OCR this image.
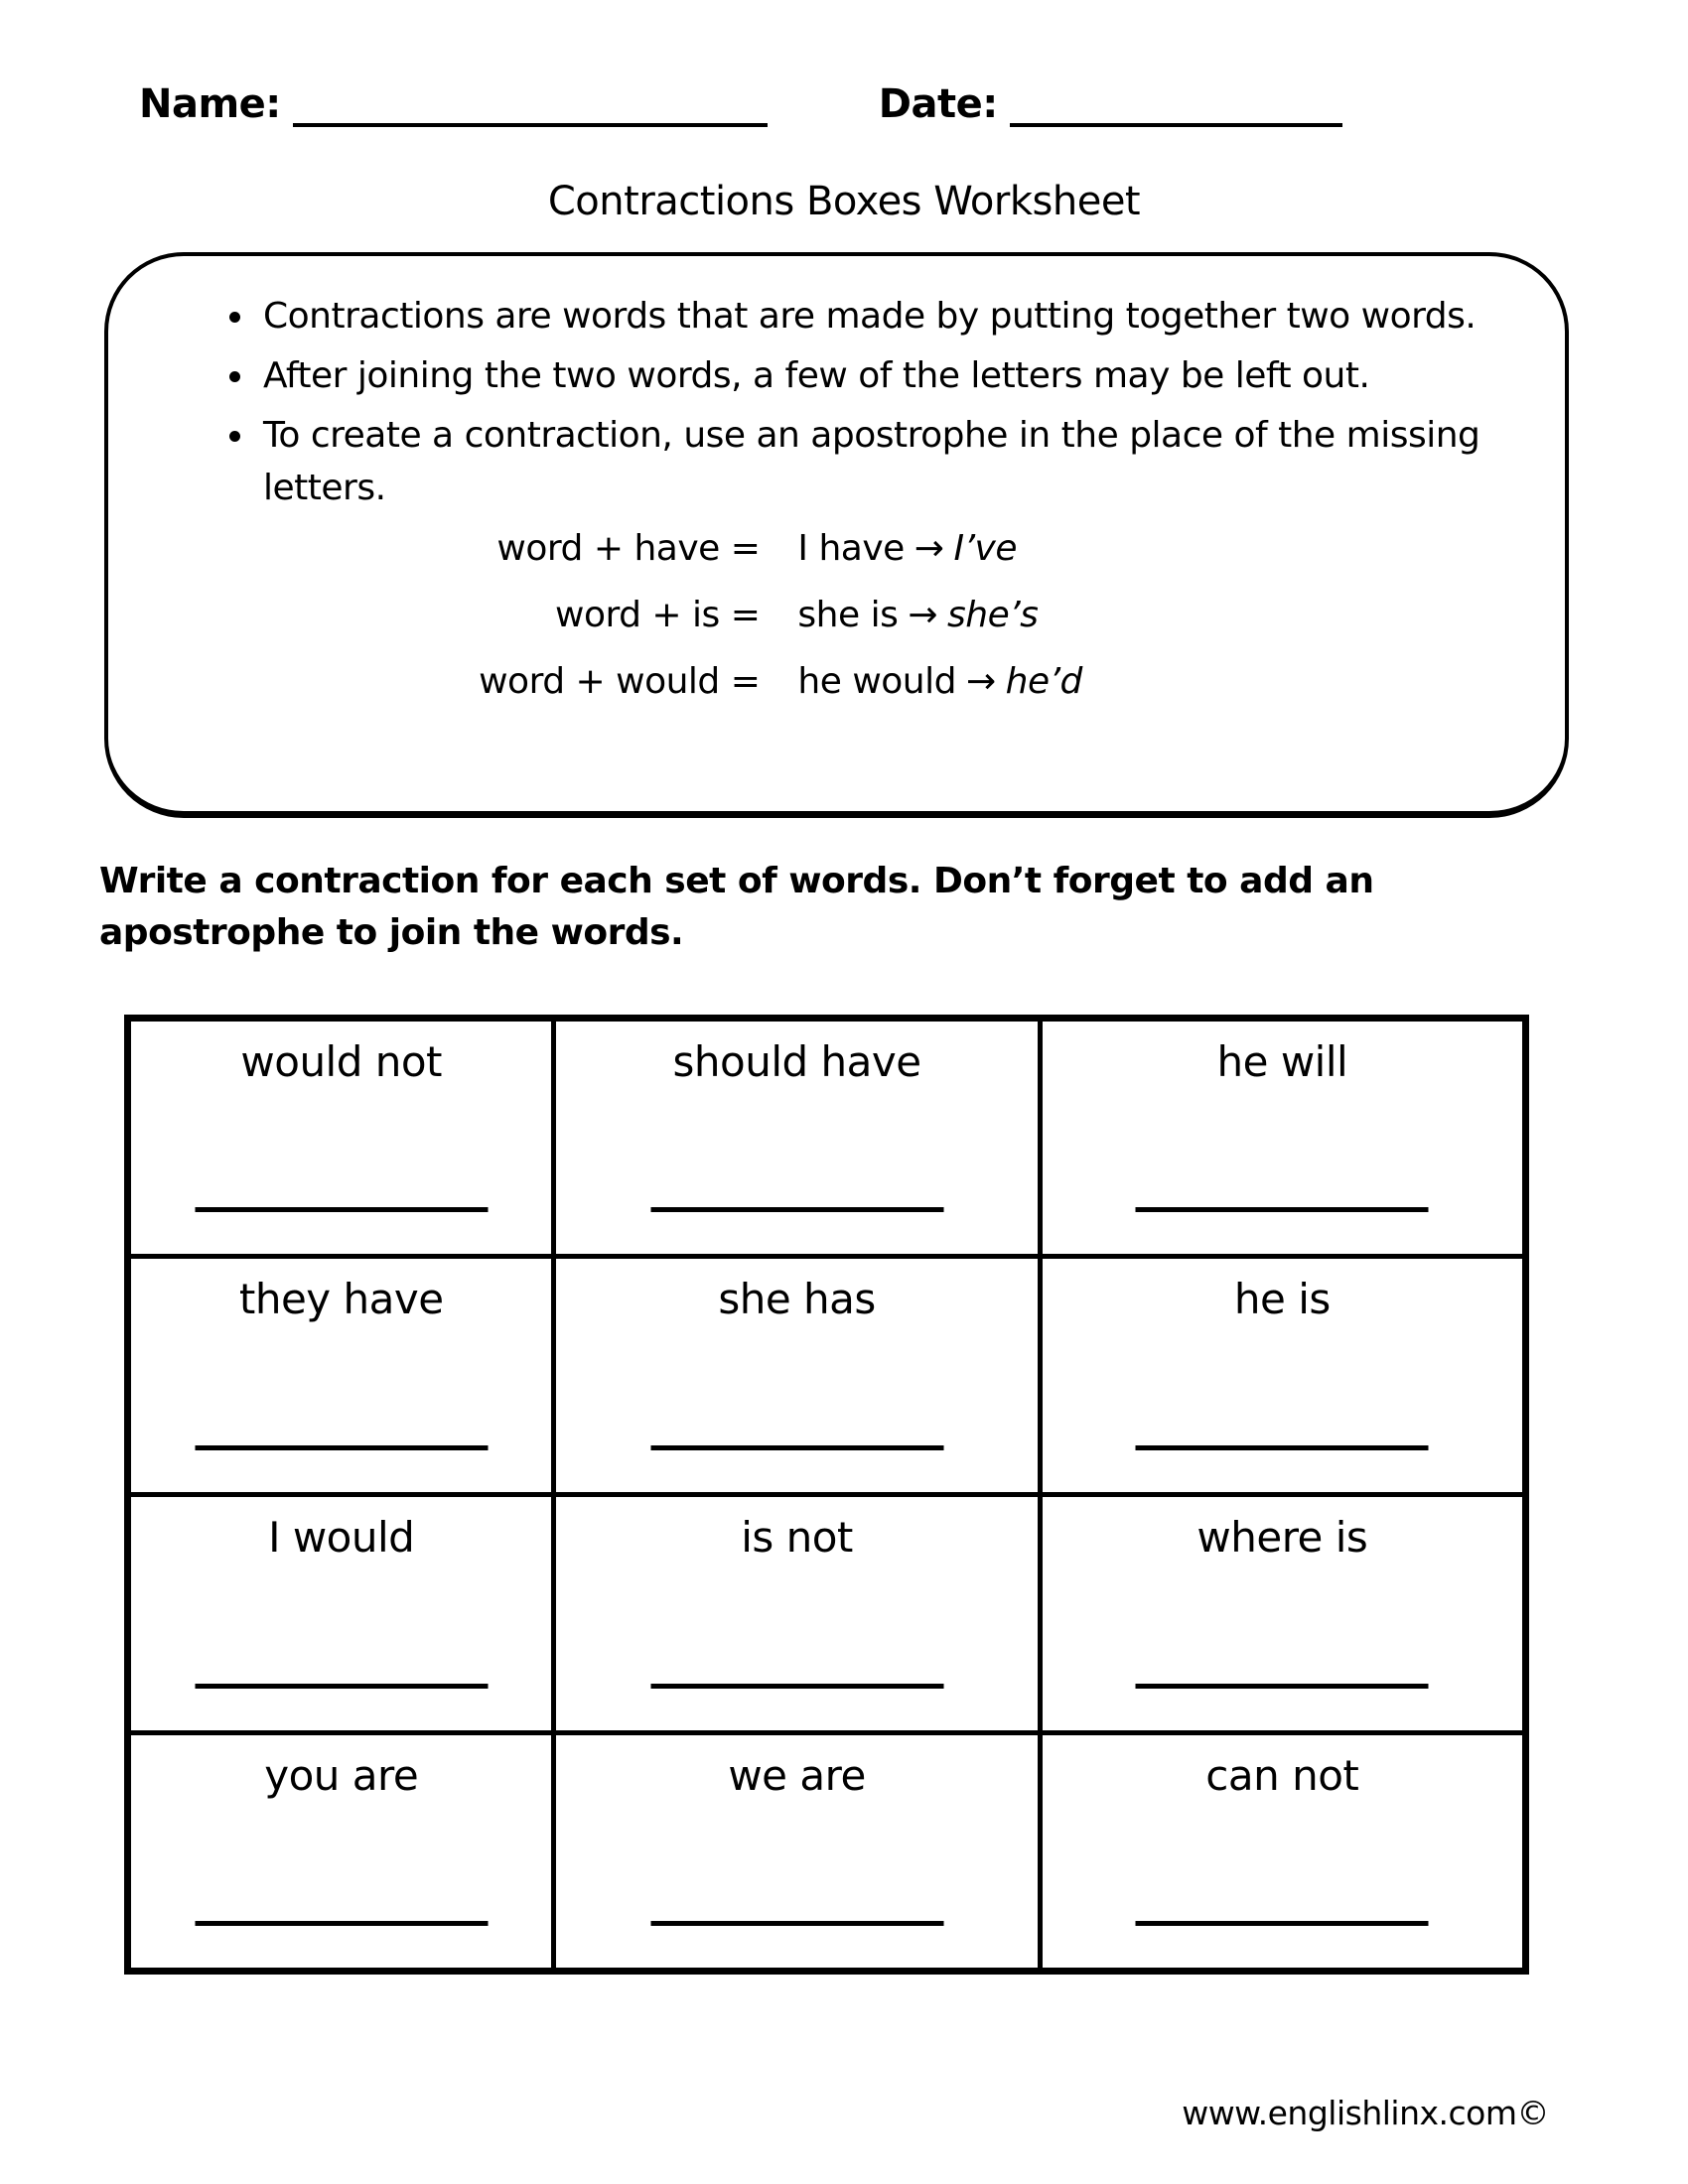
Name:	Date:
Contractions Boxes Worksheet
• Contractions are words that are made by putting together two words.
• After joining the two words, a few of the letters may be left out.
• To create a contraction, use an apostrophe in the place of the missing letters.
word + have = I have → I’ve
word + is = she is → she’s
word + would = he would → he’d

Write a contraction for each set of words. Don’t forget to add an apostrophe to join the words.

would not	should have	he will

they have	she has	he is

I would	is not	where is

you are	we are	can not
www.englishlinx.com©
